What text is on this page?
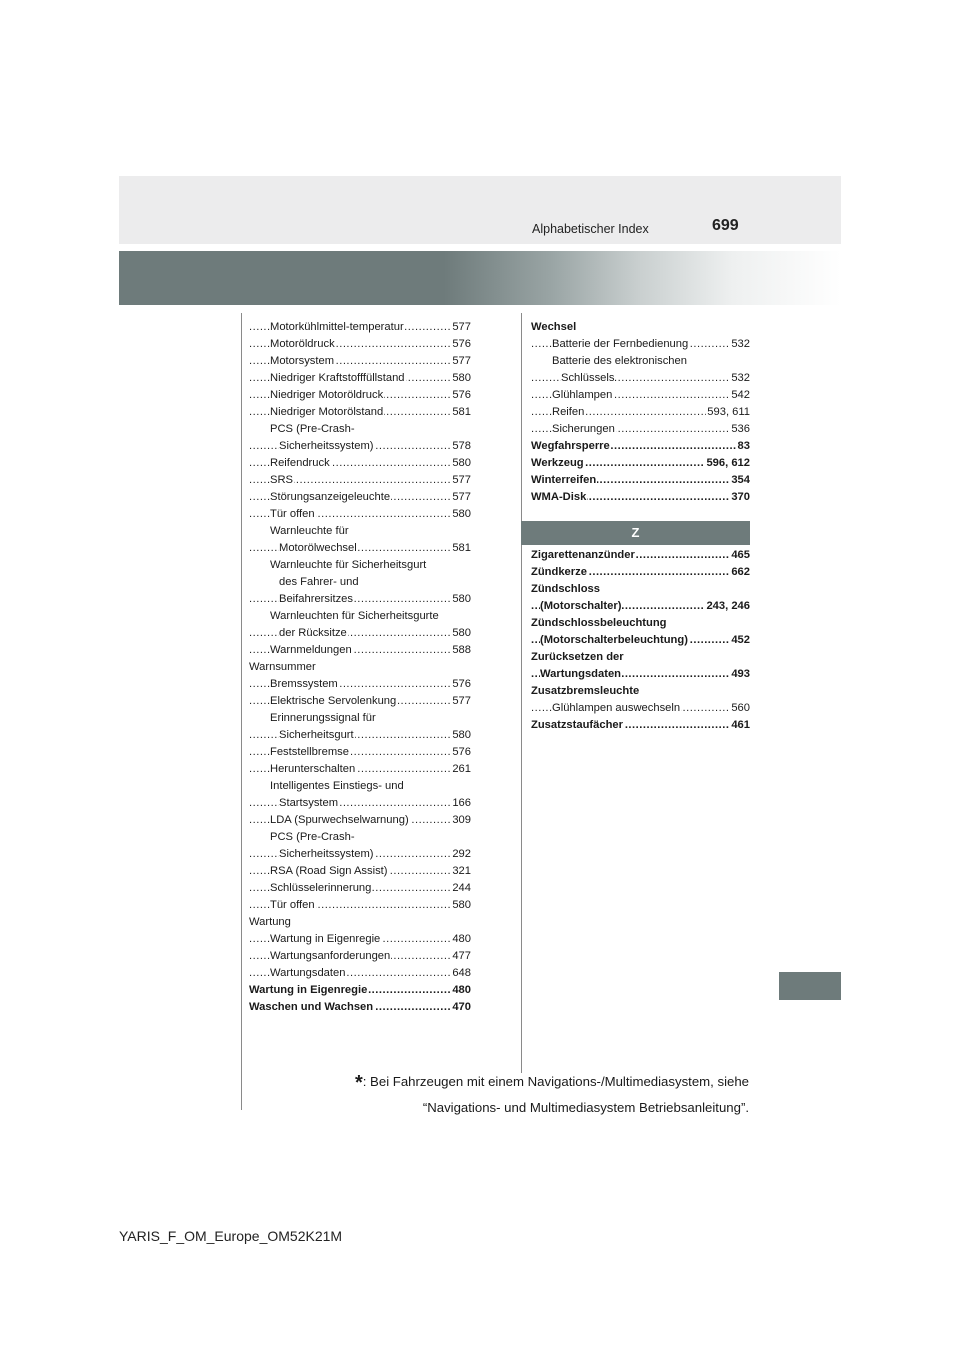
Alphabetischer Index	699
..... Motorkühlmittel-temperatur	577
..... Motoröldruck	576
..... Motorsystem	577
..... Niedriger Kraftstofffüllstand	580
..... Niedriger Motoröldruck	576
..... Niedriger Motorölstand	581
PCS (Pre-Crash-
..... Sicherheitssystem)	578
..... Reifendruck	580
..... SRS	577
..... Störungsanzeigeleuchte	577
..... Tür offen	580
Warnleuchte für
..... Motorölwechsel	581
Warnleuchte für Sicherheitsgurt
des Fahrer- und
..... Beifahrersitzes	580
Warnleuchten für Sicherheitsgurte
..... der Rücksitze	580
..... Warnmeldungen	588
Warnsummer
..... Bremssystem	576
..... Elektrische Servolenkung	577
Erinnerungssignal für
..... Sicherheitsgurt	580
..... Feststellbremse	576
..... Herunterschalten	261
Intelligentes Einstiegs- und
..... Startsystem	166
..... LDA (Spurwechselwarnung)	309
PCS (Pre-Crash-
..... Sicherheitssystem)	292
..... RSA (Road Sign Assist)	321
..... Schlüsselerinnerung	244
..... Tür offen	580
Wartung
..... Wartung in Eigenregie	480
..... Wartungsanforderungen	477
..... Wartungsdaten	648
..... Wartung in Eigenregie	480
..... Waschen und Wachsen	470
Wechsel
..... Batterie der Fernbedienung	532
Batterie des elektronischen
..... Schlüssels	532
..... Glühlampen	542
..... Reifen	593, 611
..... Sicherungen	536
..... Wegfahrsperre	83
..... Werkzeug	596, 612
..... Winterreifen	354
..... WMA-Disk	370
Z
..... Zigarettenanzünder	465
..... Zündkerze	662
Zündschloss
..... (Motorschalter)	243, 246
Zündschlossbeleuchtung
..... (Motorschalterbeleuchtung)	452
Zurücksetzen der
..... Wartungsdaten	493
Zusatzbremsleuchte
..... Glühlampen auswechseln	560
..... Zusatzstaufächer	461
*: Bei Fahrzeugen mit einem Navigations-/Multimediasystem, siehe
“Navigations- und Multimediasystem Betriebsanleitung”.
YARIS_F_OM_Europe_OM52K21M
